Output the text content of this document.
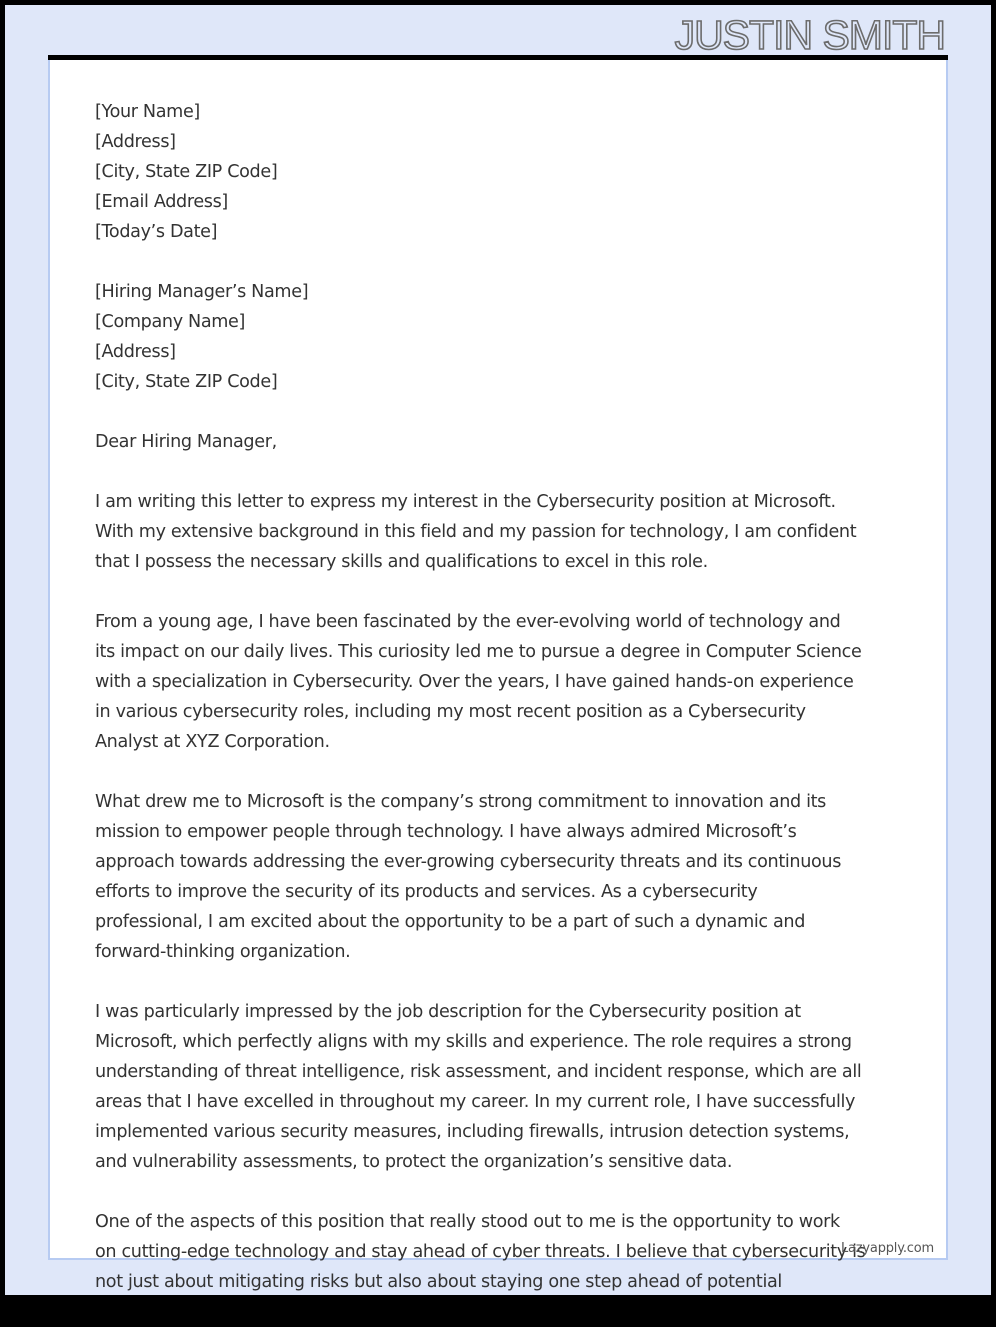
JUSTIN SMITH
[Your Name]
[Address]
[City, State ZIP Code]
[Email Address]
[Today’s Date]
[Hiring Manager’s Name]
[Company Name]
[Address]
[City, State ZIP Code]
Dear Hiring Manager,
I am writing this letter to express my interest in the Cybersecurity position at Microsoft.
With my extensive background in this field and my passion for technology, I am confident
that I possess the necessary skills and qualifications to excel in this role.
From a young age, I have been fascinated by the ever-evolving world of technology and
its impact on our daily lives. This curiosity led me to pursue a degree in Computer Science
with a specialization in Cybersecurity. Over the years, I have gained hands-on experience
in various cybersecurity roles, including my most recent position as a Cybersecurity
Analyst at XYZ Corporation.
What drew me to Microsoft is the company’s strong commitment to innovation and its
mission to empower people through technology. I have always admired Microsoft’s
approach towards addressing the ever-growing cybersecurity threats and its continuous
efforts to improve the security of its products and services. As a cybersecurity
professional, I am excited about the opportunity to be a part of such a dynamic and
forward-thinking organization.
I was particularly impressed by the job description for the Cybersecurity position at
Microsoft, which perfectly aligns with my skills and experience. The role requires a strong
understanding of threat intelligence, risk assessment, and incident response, which are all
areas that I have excelled in throughout my career. In my current role, I have successfully
implemented various security measures, including firewalls, intrusion detection systems,
and vulnerability assessments, to protect the organization’s sensitive data.
One of the aspects of this position that really stood out to me is the opportunity to work
on cutting-edge technology and stay ahead of cyber threats. I believe that cybersecurity is
not just about mitigating risks but also about staying one step ahead of potential
Lazyapply.com
